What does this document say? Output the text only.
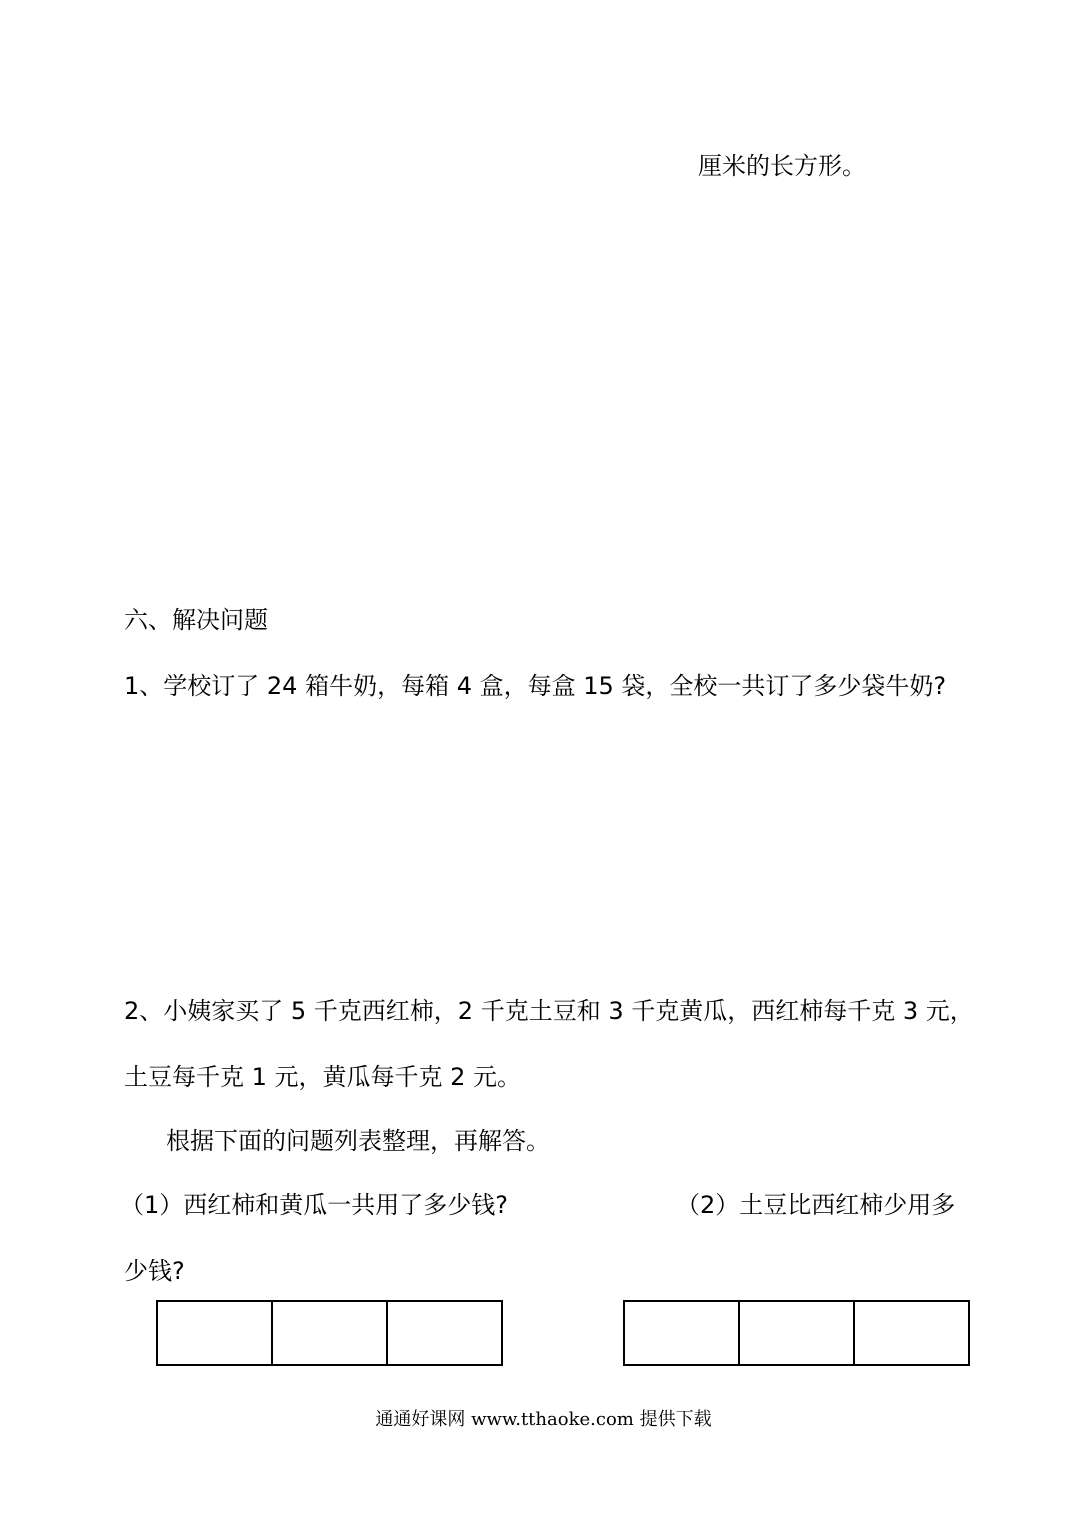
厘米的长方形。
六、解决问题
1、学校订了 24 箱牛奶，每箱 4 盒，每盒 15 袋，全校一共订了多少袋牛奶?
2、小姨家买了 5 千克西红柿，2 千克土豆和 3 千克黄瓜，西红柿每千克 3 元，
土豆每千克 1 元，黄瓜每千克 2 元。
根据下面的问题列表整理，再解答。
（1）西红柿和黄瓜一共用了多少钱?	（2）土豆比西红柿少用多
少钱?

通通好课网 www.tthaoke.com 提供下载
